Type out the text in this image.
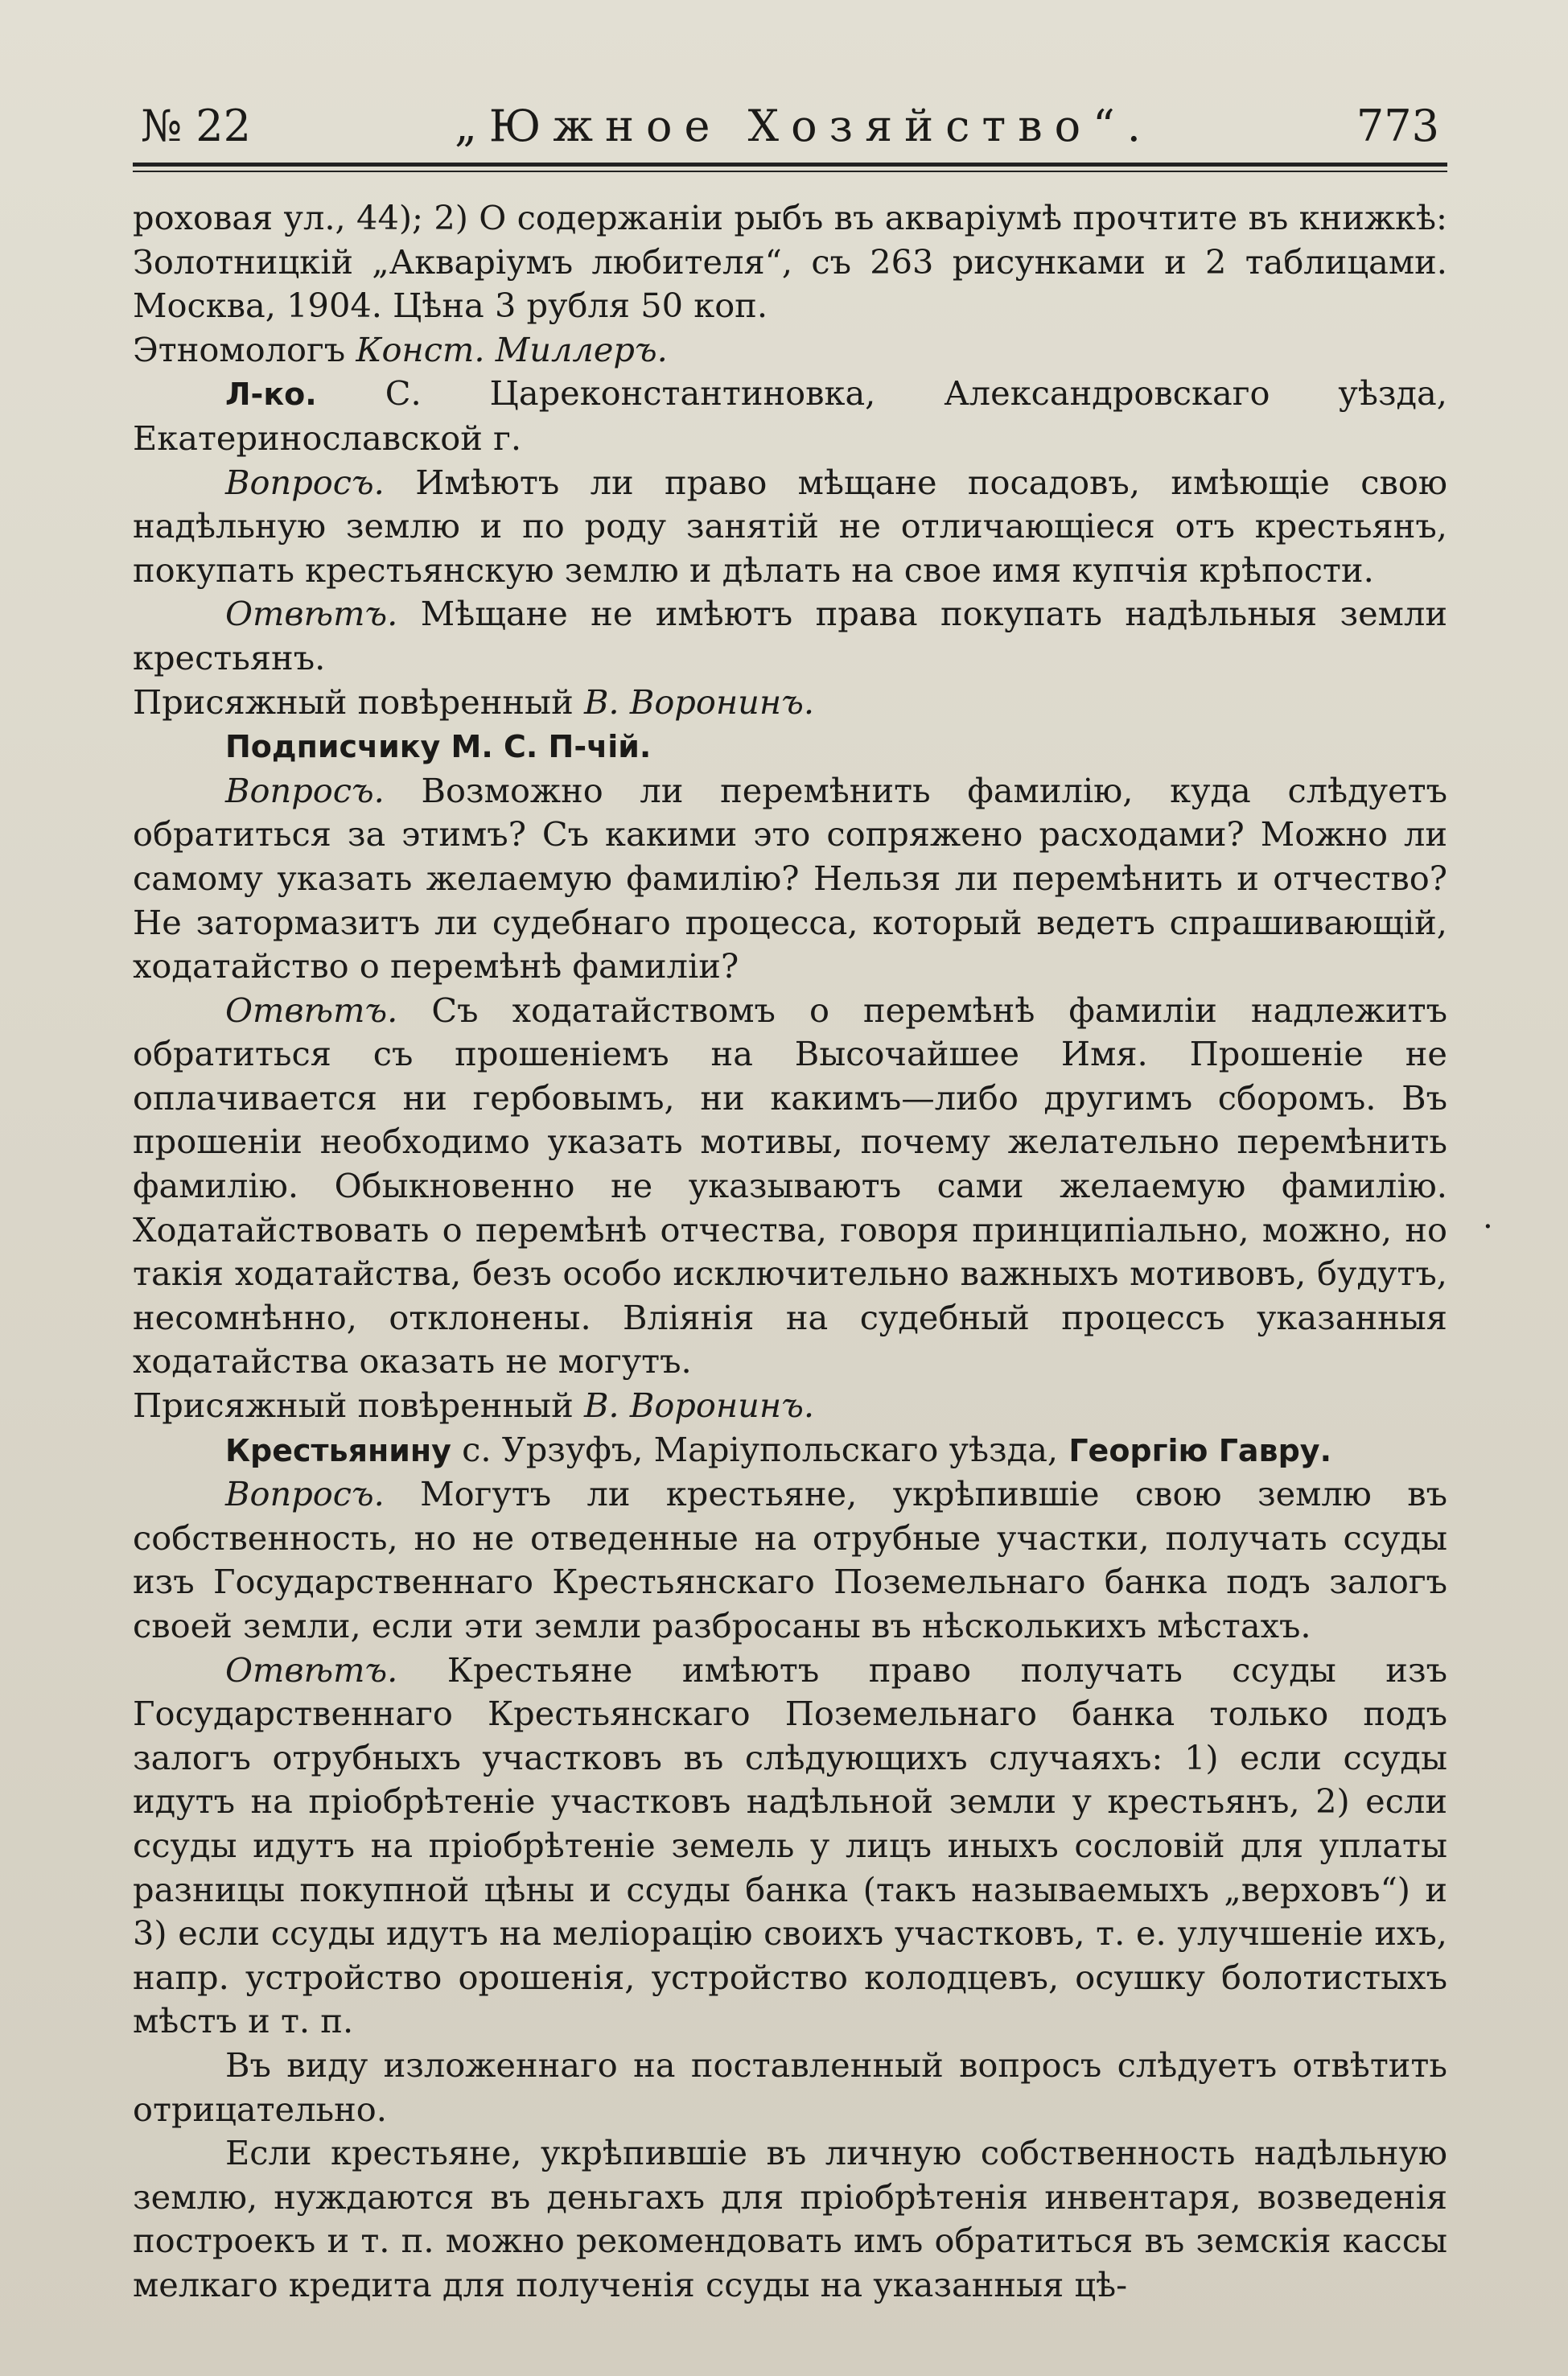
№ 22	„Южное Хозяйство“.	773

роховая ул., 44); 2) О содержаніи рыбъ въ акваріумѣ прочтите въ книжкѣ: Золотницкій „Акваріумъ любителя“, съ 263 рисунками и 2 таблицами. Москва, 1904. Цѣна 3 рубля 50 коп.

Этномологъ Конст. Миллеръ.

Л-ко. С. Цареконстантиновка, Александровскаго уѣзда, Екатеринославской г.

Вопросъ. Имѣютъ ли право мѣщане посадовъ, имѣющіе свою надѣльную землю и по роду занятій не отличающіеся отъ крестьянъ, покупать крестьянскую землю и дѣлать на свое имя купчія крѣпости.

Отвѣтъ. Мѣщане не имѣютъ права покупать надѣльныя земли крестьянъ.

Присяжный повѣренный В. Воронинъ.

Подписчику М. С. П-чій.

Вопросъ. Возможно ли перемѣнить фамилію, куда слѣдуетъ обратиться за этимъ? Съ какими это сопряжено расходами? Можно ли самому указать желаемую фамилію? Нельзя ли перемѣнить и отчество? Не затормазитъ ли судебнаго процесса, который ведетъ спрашивающій, ходатайство о перемѣнѣ фамиліи?

Отвѣтъ. Съ ходатайствомъ о перемѣнѣ фамиліи надлежитъ обратиться съ прошеніемъ на Высочайшее Имя. Прошеніе не оплачивается ни гербовымъ, ни какимъ—либо другимъ сборомъ. Въ прошеніи необходимо указать мотивы, почему желательно перемѣнить фамилію. Обыкновенно не указываютъ сами желаемую фамилію. Ходатайствовать о перемѣнѣ отчества, говоря принципіально, можно, но такія ходатайства, безъ особо исключительно важныхъ мотивовъ, будутъ, несомнѣнно, отклонены. Вліянія на судебный процессъ указанныя ходатайства оказать не могутъ.

Присяжный повѣренный В. Воронинъ.

Крестьянину с. Урзуфъ, Маріупольскаго уѣзда, Георгію Гавру.

Вопросъ. Могутъ ли крестьяне, укрѣпившіе свою землю въ собственность, но не отведенные на отрубные участки, получать ссуды изъ Государственнаго Крестьянскаго Поземельнаго банка подъ залогъ своей земли, если эти земли разбросаны въ нѣсколькихъ мѣстахъ.

Отвѣтъ. Крестьяне имѣютъ право получать ссуды изъ Государственнаго Крестьянскаго Поземельнаго банка только подъ залогъ отрубныхъ участковъ въ слѣдующихъ случаяхъ: 1) если ссуды идутъ на пріобрѣтеніе участковъ надѣльной земли у крестьянъ, 2) если ссуды идутъ на пріобрѣтеніе земель у лицъ иныхъ сословій для уплаты разницы покупной цѣны и ссуды банка (такъ называемыхъ „верховъ“) и 3) если ссуды идутъ на меліорацію своихъ участковъ, т. е. улучшеніе ихъ, напр. устройство орошенія, устройство колодцевъ, осушку болотистыхъ мѣстъ и т. п.

Въ виду изложеннаго на поставленный вопросъ слѣдуетъ отвѣтить отрицательно.

Если крестьяне, укрѣпившіе въ личную собственность надѣльную землю, нуждаются въ деньгахъ для пріобрѣтенія инвентаря, возведенія построекъ и т. п. можно рекомендовать имъ обратиться въ земскія кассы мелкаго кредита для полученія ссуды на указанныя цѣ-

.
